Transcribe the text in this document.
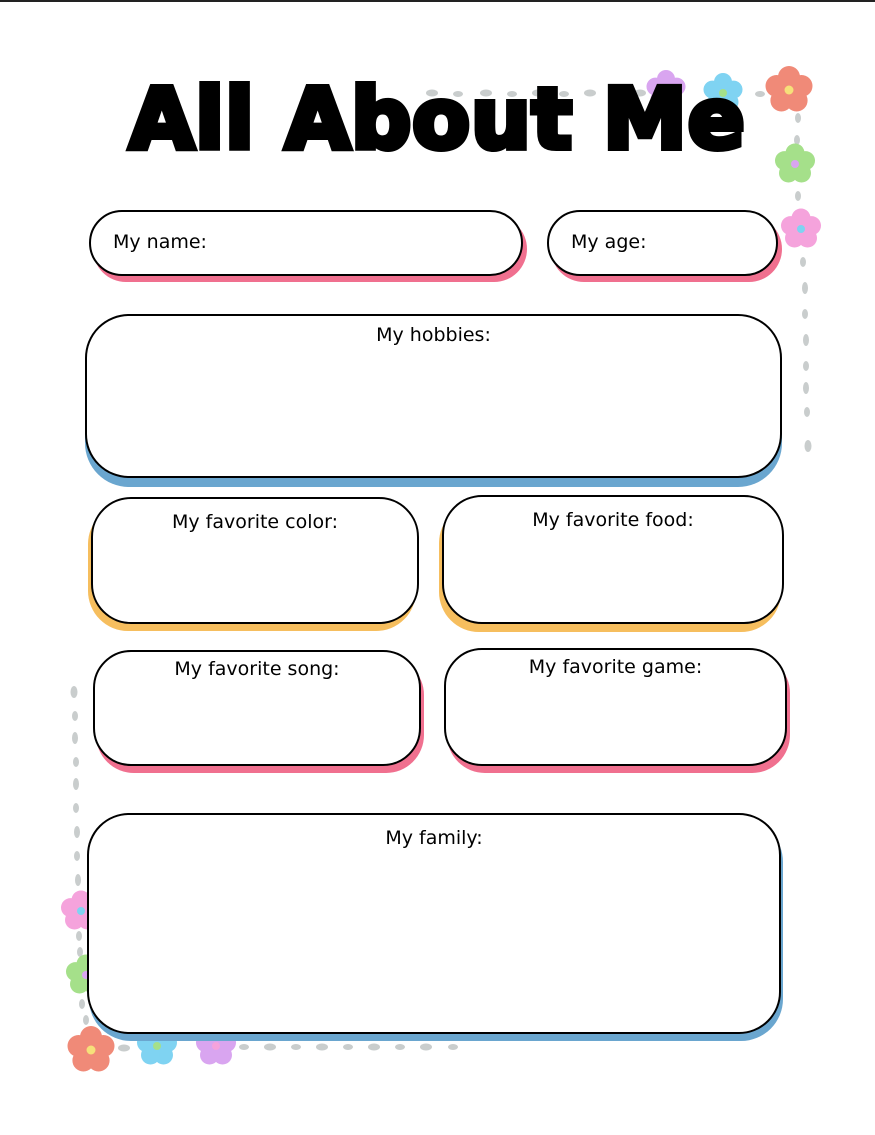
All About Me
My name:	My age:
My hobbies:
My favorite color:	My favorite food:
My favorite song:	My favorite game:
My family:
